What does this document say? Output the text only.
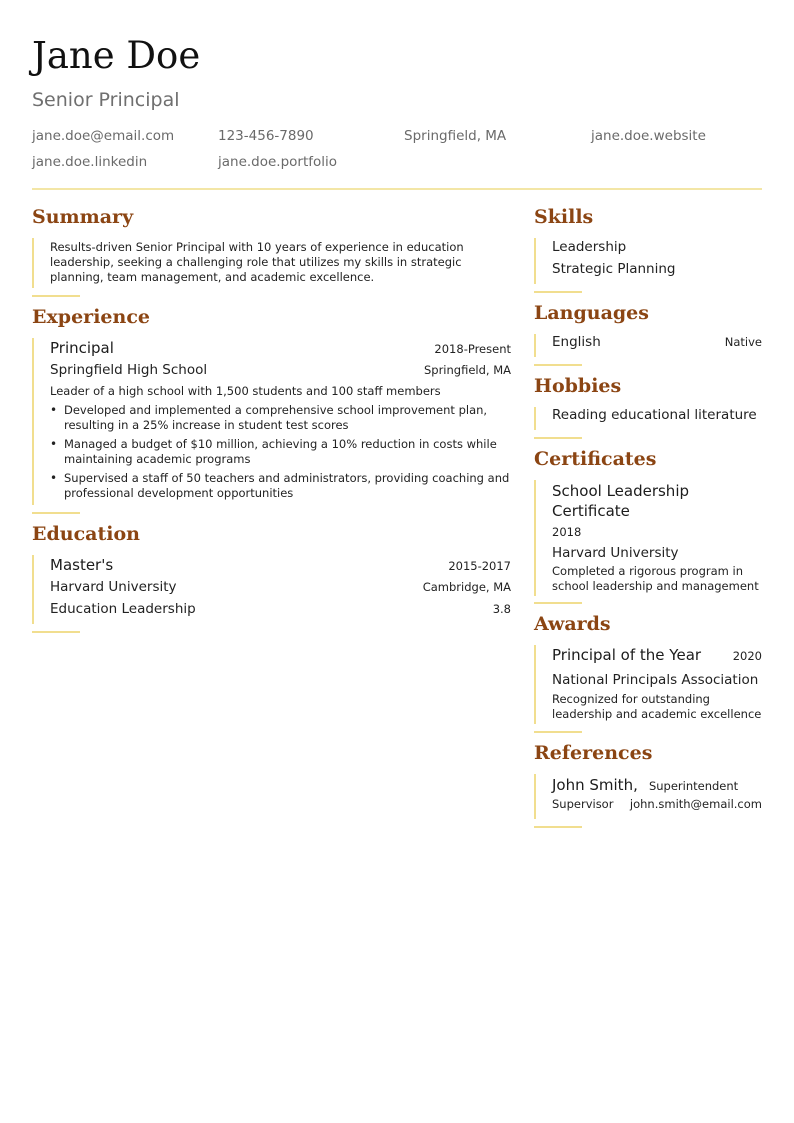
Jane Doe
Senior Principal
jane.doe@email.com	123-456-7890	Springfield, MA	jane.doe.website
jane.doe.linkedin	jane.doe.portfolio
Summary
Results-driven Senior Principal with 10 years of experience in education leadership, seeking a challenging role that utilizes my skills in strategic planning, team management, and academic excellence.
Experience
Principal	2018-Present
Springfield High School	Springfield, MA
Leader of a high school with 1,500 students and 100 staff members
• Developed and implemented a comprehensive school improvement plan, resulting in a 25% increase in student test scores
• Managed a budget of $10 million, achieving a 10% reduction in costs while maintaining academic programs
• Supervised a staff of 50 teachers and administrators, providing coaching and professional development opportunities
Education
Master's	2015-2017
Harvard University	Cambridge, MA
Education Leadership	3.8
Skills
Leadership
Strategic Planning
Languages
English	Native
Hobbies
Reading educational literature
Certificates
School Leadership Certificate
2018
Harvard University
Completed a rigorous program in school leadership and management
Awards
Principal of the Year	2020
National Principals Association
Recognized for outstanding leadership and academic excellence
References
John Smith, Superintendent
Supervisor john.smith@email.com
